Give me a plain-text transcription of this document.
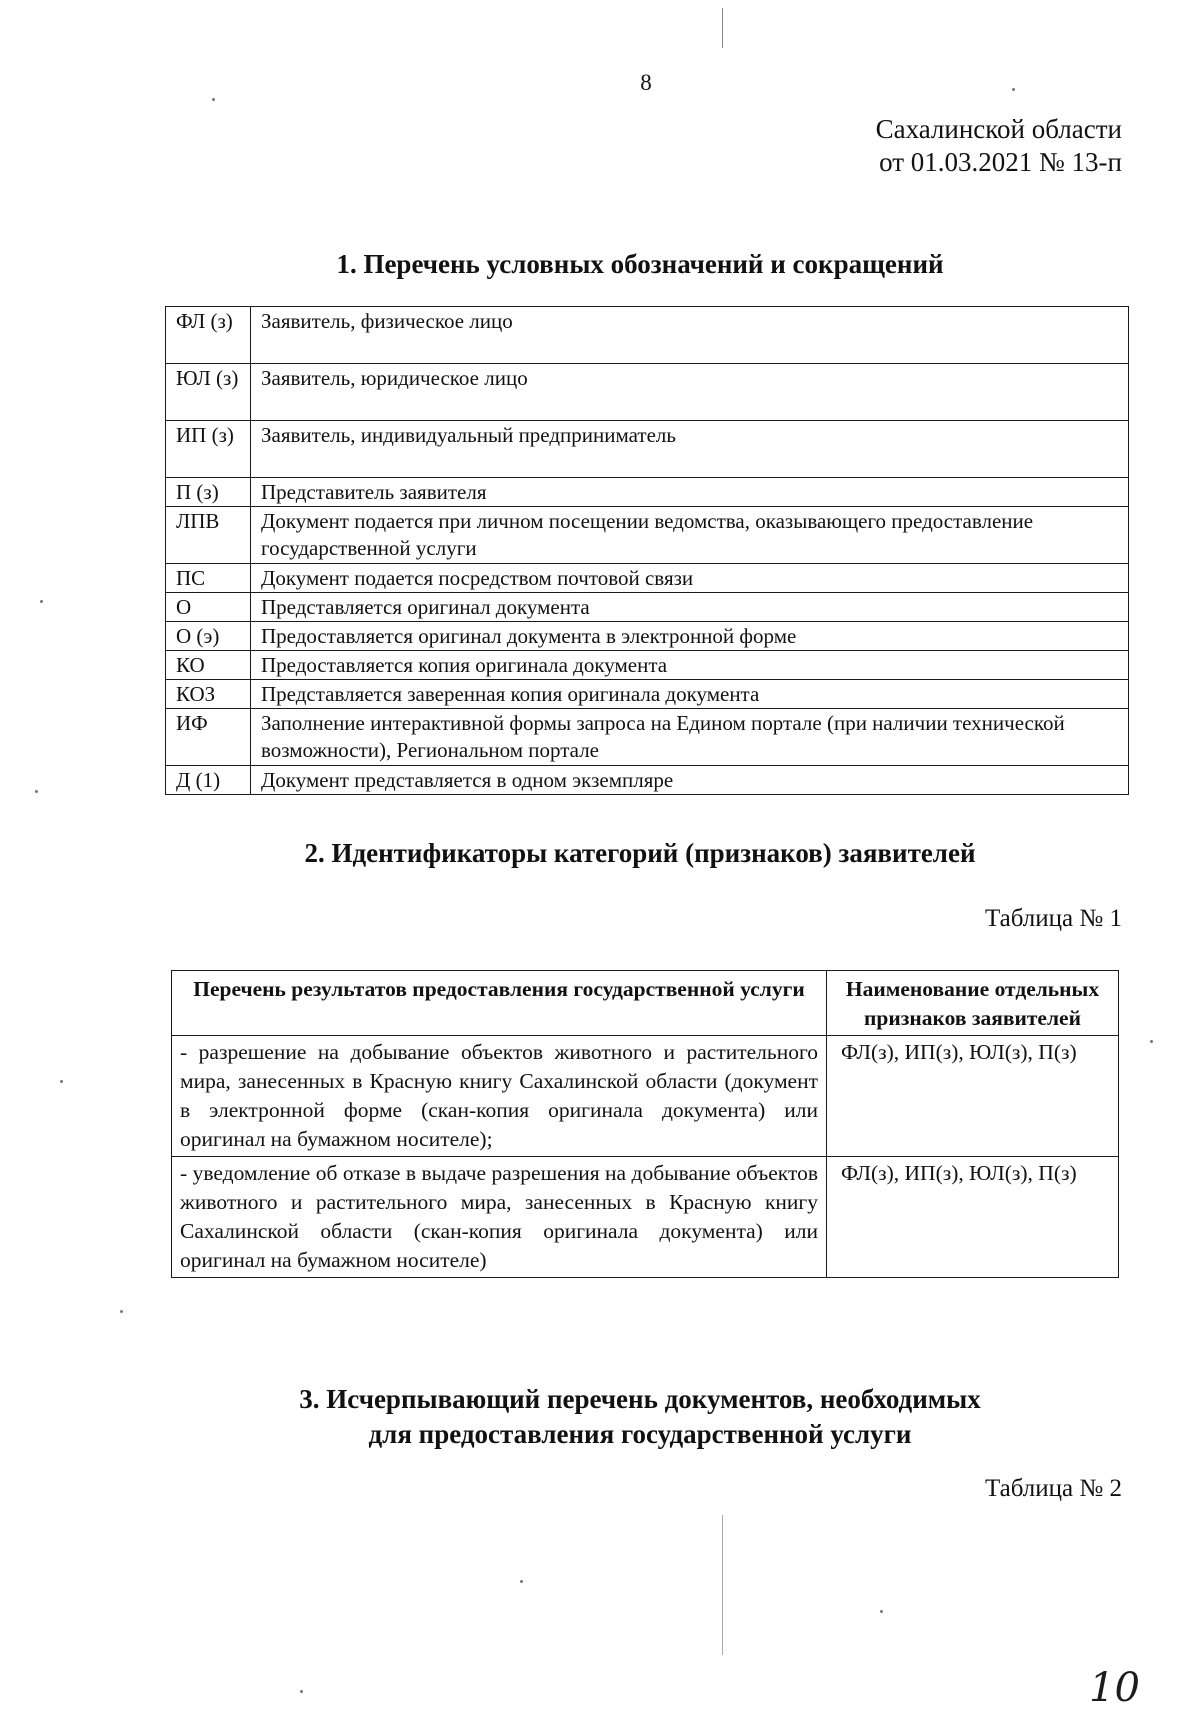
8
Сахалинской области
от 01.03.2021 № 13-п
1. Перечень условных обозначений и сокращений
ФЛ (з)	Заявитель, физическое лицо
ЮЛ (з)	Заявитель, юридическое лицо
ИП (з)	Заявитель, индивидуальный предприниматель
П (з)	Представитель заявителя
ЛПВ	Документ подается при личном посещении ведомства, оказывающего предоставление государственной услуги
ПС	Документ подается посредством почтовой связи
О	Представляется оригинал документа
О (э)	Предоставляется оригинал документа в электронной форме
КО	Предоставляется копия оригинала документа
КОЗ	Представляется заверенная копия оригинала документа
ИФ	Заполнение интерактивной формы запроса на Едином портале (при наличии технической возможности), Региональном портале
Д (1)	Документ представляется в одном экземпляре
2. Идентификаторы категорий (признаков) заявителей
Таблица № 1
Перечень результатов предоставления государственной услуги	Наименование отдельных признаков заявителей
- разрешение на добывание объектов животного и растительного мира, занесенных в Красную книгу Сахалинской области (документ в электронной форме (скан-копия оригинала документа) или оригинал на бумажном носителе);	ФЛ(з), ИП(з), ЮЛ(з), П(з)
- уведомление об отказе в выдаче разрешения на добывание объектов животного и растительного мира, занесенных в Красную книгу Сахалинской области (скан-копия оригинала документа) или оригинал на бумажном носителе)	ФЛ(з), ИП(з), ЮЛ(з), П(з)
3. Исчерпывающий перечень документов, необходимых
для предоставления государственной услуги
Таблица № 2
10
